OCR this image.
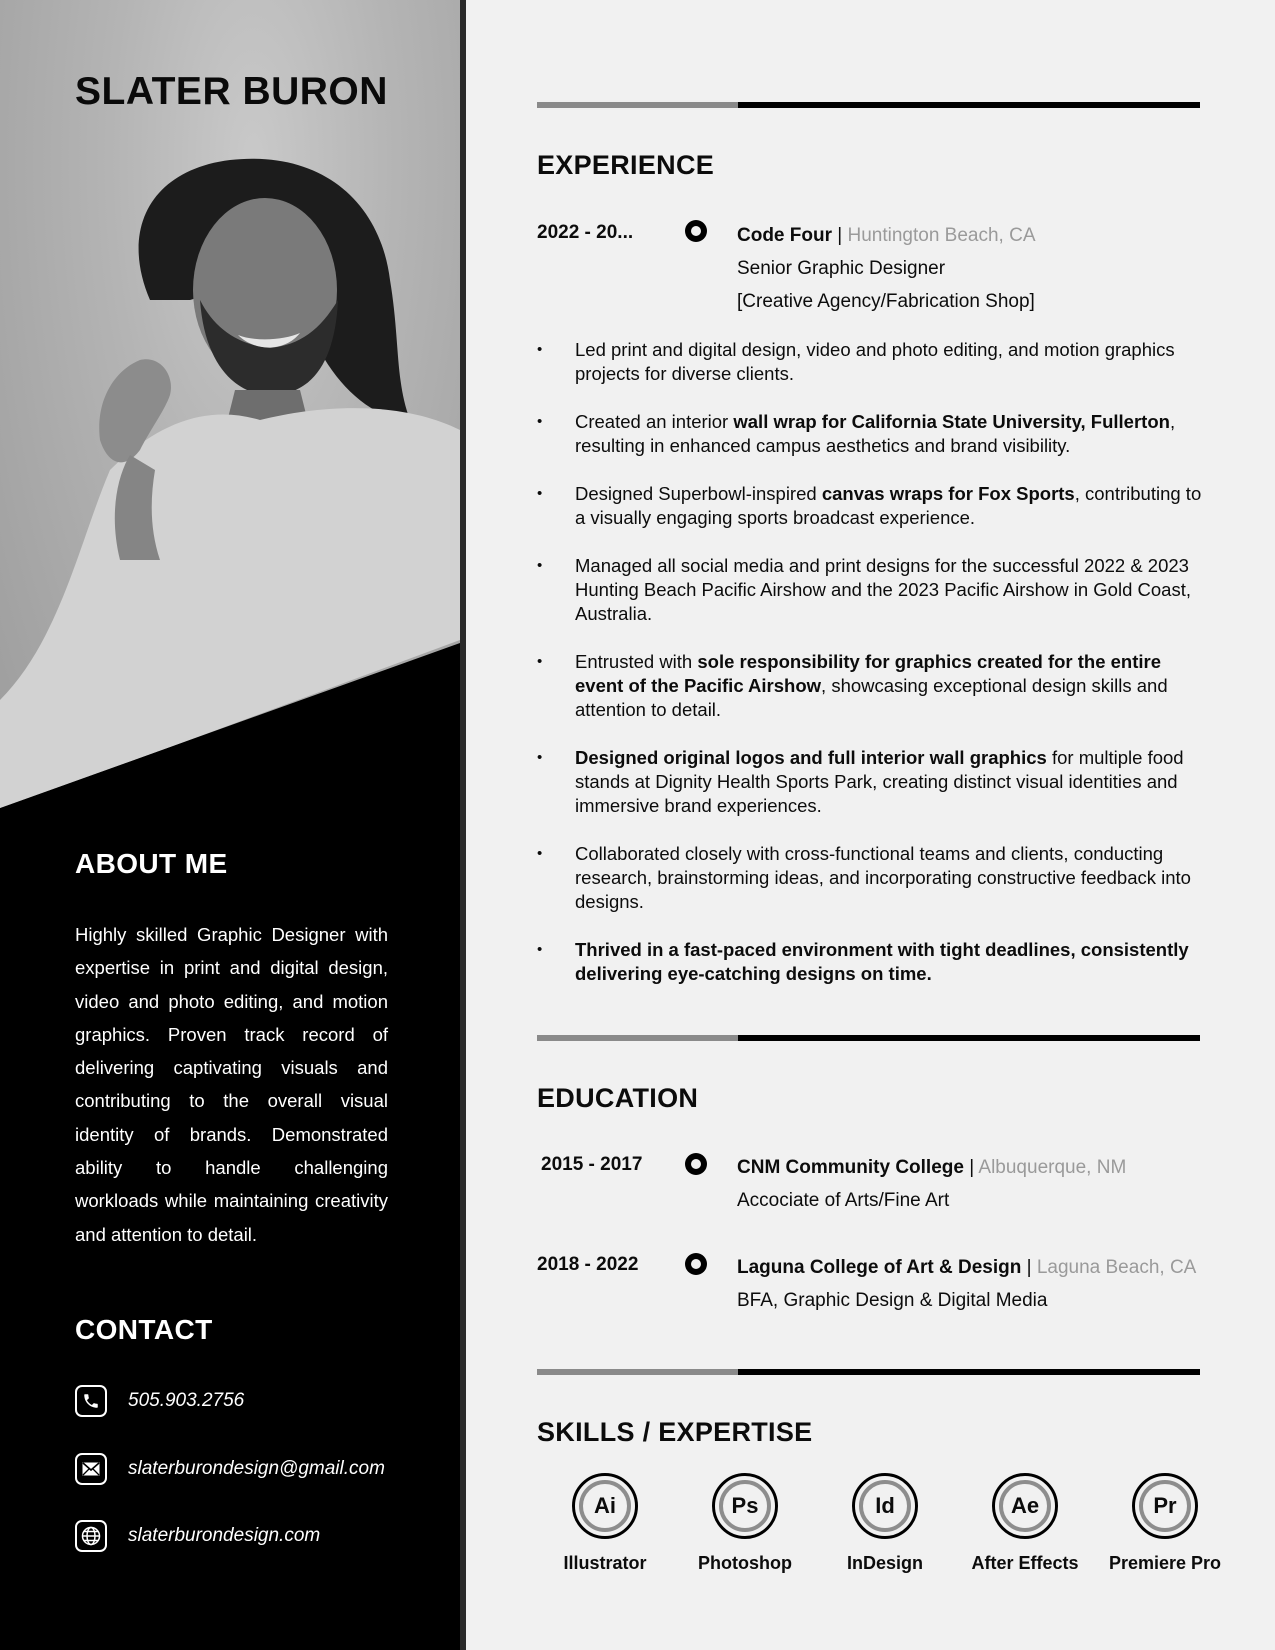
SLATER BURON
ABOUT ME

Highly skilled Graphic Designer with expertise in print and digital design, video and photo editing, and motion graphics. Proven track record of delivering captivating visuals and contributing to the overall visual identity of brands. Demonstrated ability to handle challenging workloads while maintaining creativity and attention to detail.

CONTACT
505.903.2756
slaterburondesign@gmail.com
slaterburondesign.com
EXPERIENCE
2022 - 20...	Code Four | Huntington Beach, CA
Senior Graphic Designer
[Creative Agency/Fabrication Shop]
• Led print and digital design, video and photo editing, and motion graphics projects for diverse clients.
• Created an interior wall wrap for California State University, Fullerton, resulting in enhanced campus aesthetics and brand visibility.
• Designed Superbowl-inspired canvas wraps for Fox Sports, contributing to a visually engaging sports broadcast experience.
• Managed all social media and print designs for the successful 2022 & 2023 Hunting Beach Pacific Airshow and the 2023 Pacific Airshow in Gold Coast, Australia.
• Entrusted with sole responsibility for graphics created for the entire event of the Pacific Airshow, showcasing exceptional design skills and attention to detail.
• Designed original logos and full interior wall graphics for multiple food stands at Dignity Health Sports Park, creating distinct visual identities and immersive brand experiences.
• Collaborated closely with cross-functional teams and clients, conducting research, brainstorming ideas, and incorporating constructive feedback into designs.
• Thrived in a fast-paced environment with tight deadlines, consistently delivering eye-catching designs on time.
EDUCATION
2015 - 2017	CNM Community College | Albuquerque, NM
Accociate of Arts/Fine Art
2018 - 2022	Laguna College of Art & Design | Laguna Beach, CA
BFA, Graphic Design & Digital Media
SKILLS / EXPERTISE
Ai
Illustrator
Ps
Photoshop
Id
InDesign
Ae
After Effects
Pr
Premiere Pro
